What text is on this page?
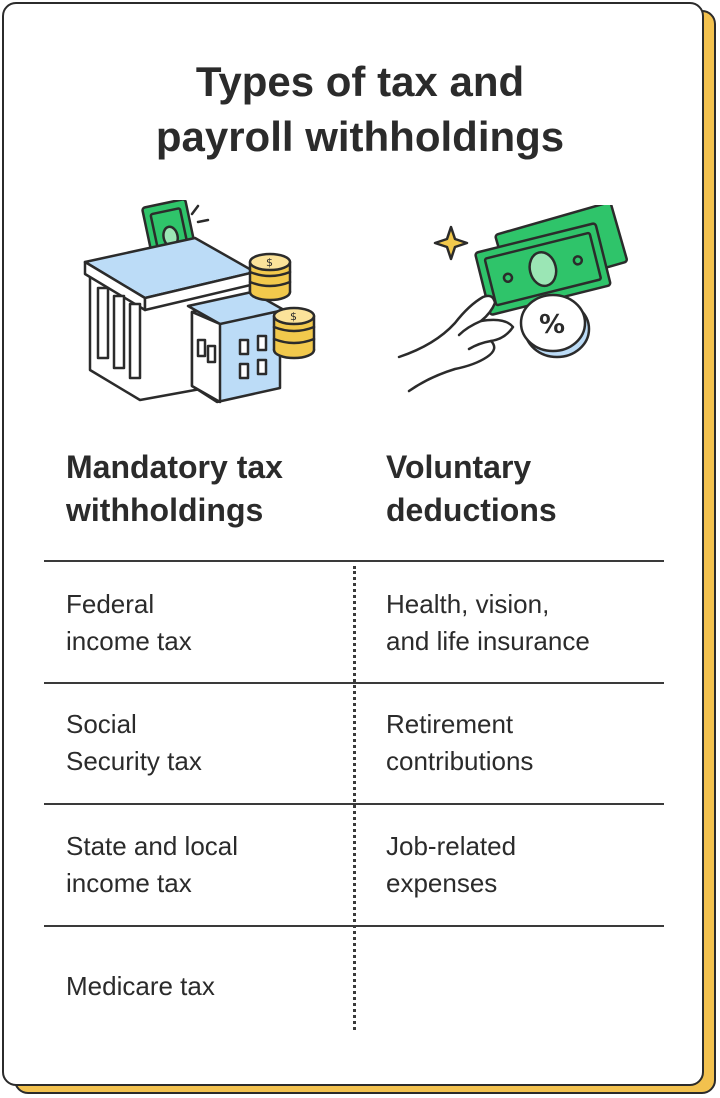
Types of tax and
payroll withholdings
$
$	%
Mandatory tax
withholdings
Voluntary
deductions
Federal
income tax
Social
Security tax
State and local
income tax
Medicare tax
Health, vision,
and life insurance
Retirement
contributions
Job-related
expenses
